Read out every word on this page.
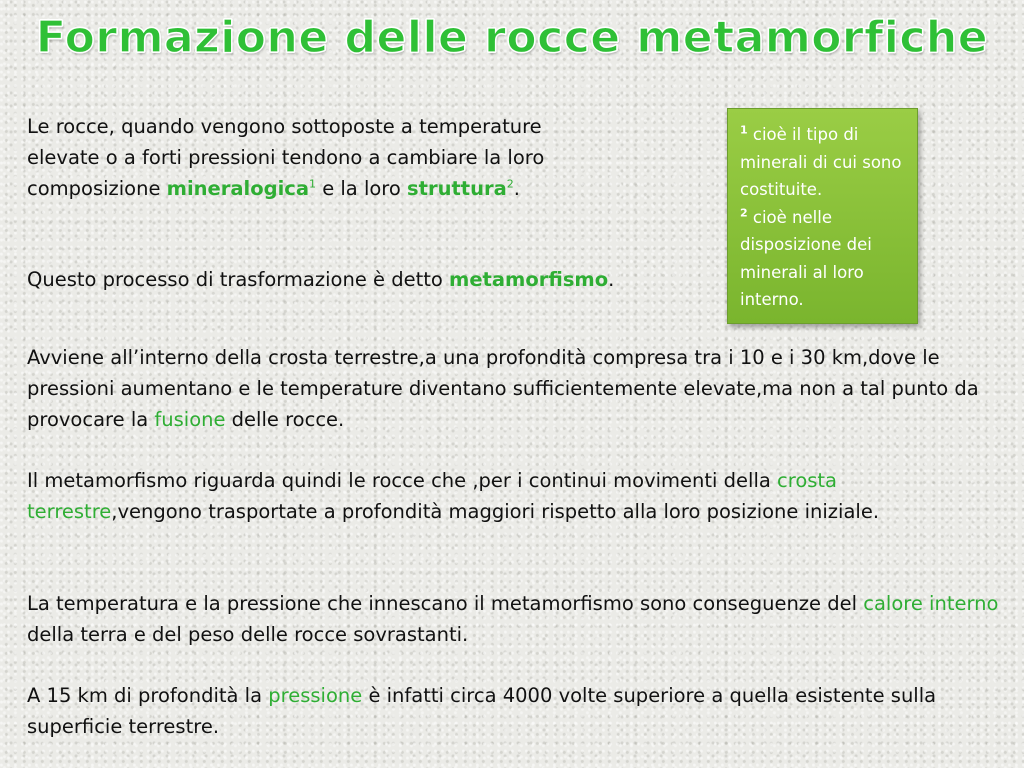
Formazione delle rocce metamorfiche

Le rocce, quando vengono sottoposte a temperature elevate o a forti pressioni tendono a cambiare la loro composizione mineralogica$^1$ e la loro struttura$^2$.

Questo processo di trasformazione è detto metamorfismo.

$^1$ cioè il tipo di minerali di cui sono costituite.
$^2$ cioè nelle disposizione dei minerali al loro interno.

Avviene all’interno della crosta terrestre,a una profondità compresa tra i 10 e i 30 km,dove le pressioni aumentano e le temperature diventano sufficientemente elevate,ma non a tal punto da provocare la fusione delle rocce.

Il metamorfismo riguarda quindi le rocce che ,per i continui movimenti della crosta terrestre,vengono trasportate a profondità maggiori rispetto alla loro posizione iniziale.

La temperatura e la pressione che innescano il metamorfismo sono conseguenze del calore interno della terra e del peso delle rocce sovrastanti.

A 15 km di profondità la pressione è infatti circa 4000 volte superiore a quella esistente sulla superficie terrestre.
